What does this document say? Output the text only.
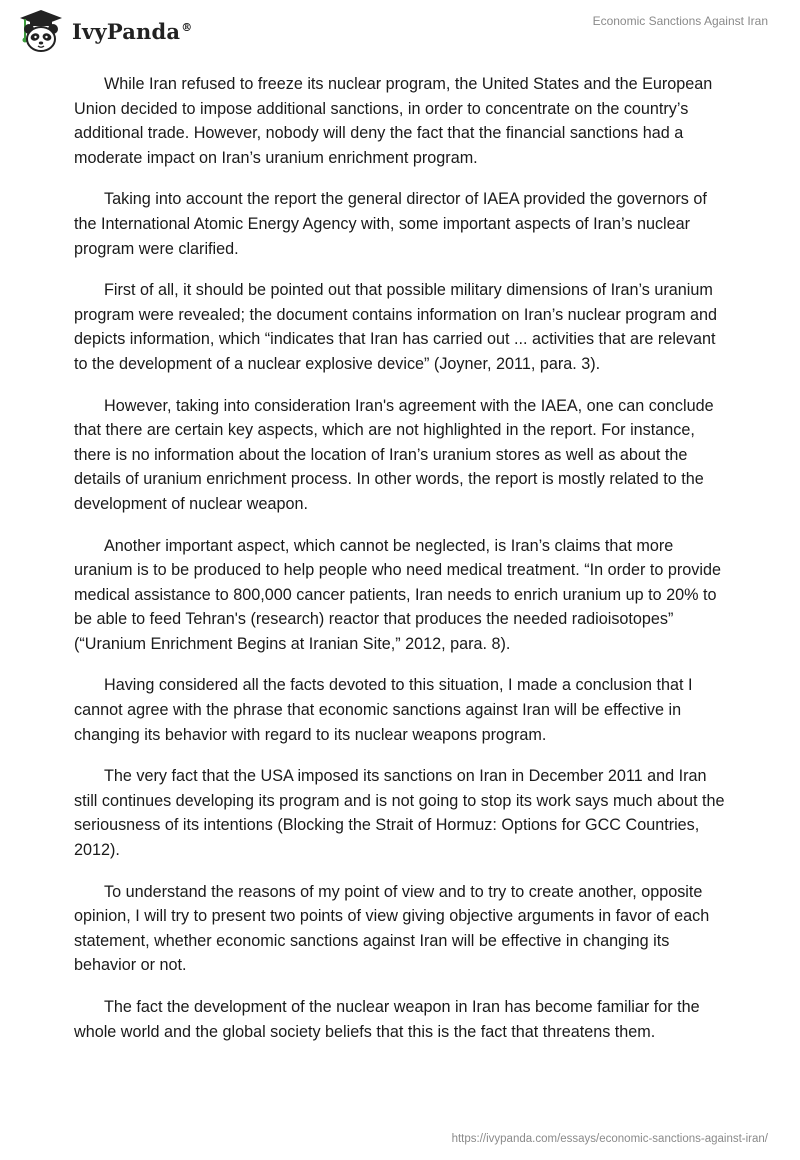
IvyPanda®	Economic Sanctions Against Iran

While Iran refused to freeze its nuclear program, the United States and the European Union decided to impose additional sanctions, in order to concentrate on the country’s additional trade. However, nobody will deny the fact that the financial sanctions had a moderate impact on Iran’s uranium enrichment program.

Taking into account the report the general director of IAEA provided the governors of the International Atomic Energy Agency with, some important aspects of Iran’s nuclear program were clarified.

First of all, it should be pointed out that possible military dimensions of Iran’s uranium program were revealed; the document contains information on Iran’s nuclear program and depicts information, which “indicates that Iran has carried out ... activities that are relevant to the development of a nuclear explosive device” (Joyner, 2011, para. 3).

However, taking into consideration Iran's agreement with the IAEA, one can conclude that there are certain key aspects, which are not highlighted in the report. For instance, there is no information about the location of Iran’s uranium stores as well as about the details of uranium enrichment process. In other words, the report is mostly related to the development of nuclear weapon.

Another important aspect, which cannot be neglected, is Iran’s claims that more uranium is to be produced to help people who need medical treatment. “In order to provide medical assistance to 800,000 cancer patients, Iran needs to enrich uranium up to 20% to be able to feed Tehran's (research) reactor that produces the needed radioisotopes” (“Uranium Enrichment Begins at Iranian Site,” 2012, para. 8).

Having considered all the facts devoted to this situation, I made a conclusion that I cannot agree with the phrase that economic sanctions against Iran will be effective in changing its behavior with regard to its nuclear weapons program.

The very fact that the USA imposed its sanctions on Iran in December 2011 and Iran still continues developing its program and is not going to stop its work says much about the seriousness of its intentions (Blocking the Strait of Hormuz: Options for GCC Countries, 2012).

To understand the reasons of my point of view and to try to create another, opposite opinion, I will try to present two points of view giving objective arguments in favor of each statement, whether economic sanctions against Iran will be effective in changing its behavior or not.

The fact the development of the nuclear weapon in Iran has become familiar for the whole world and the global society beliefs that this is the fact that threatens them.

https://ivypanda.com/essays/economic-sanctions-against-iran/
